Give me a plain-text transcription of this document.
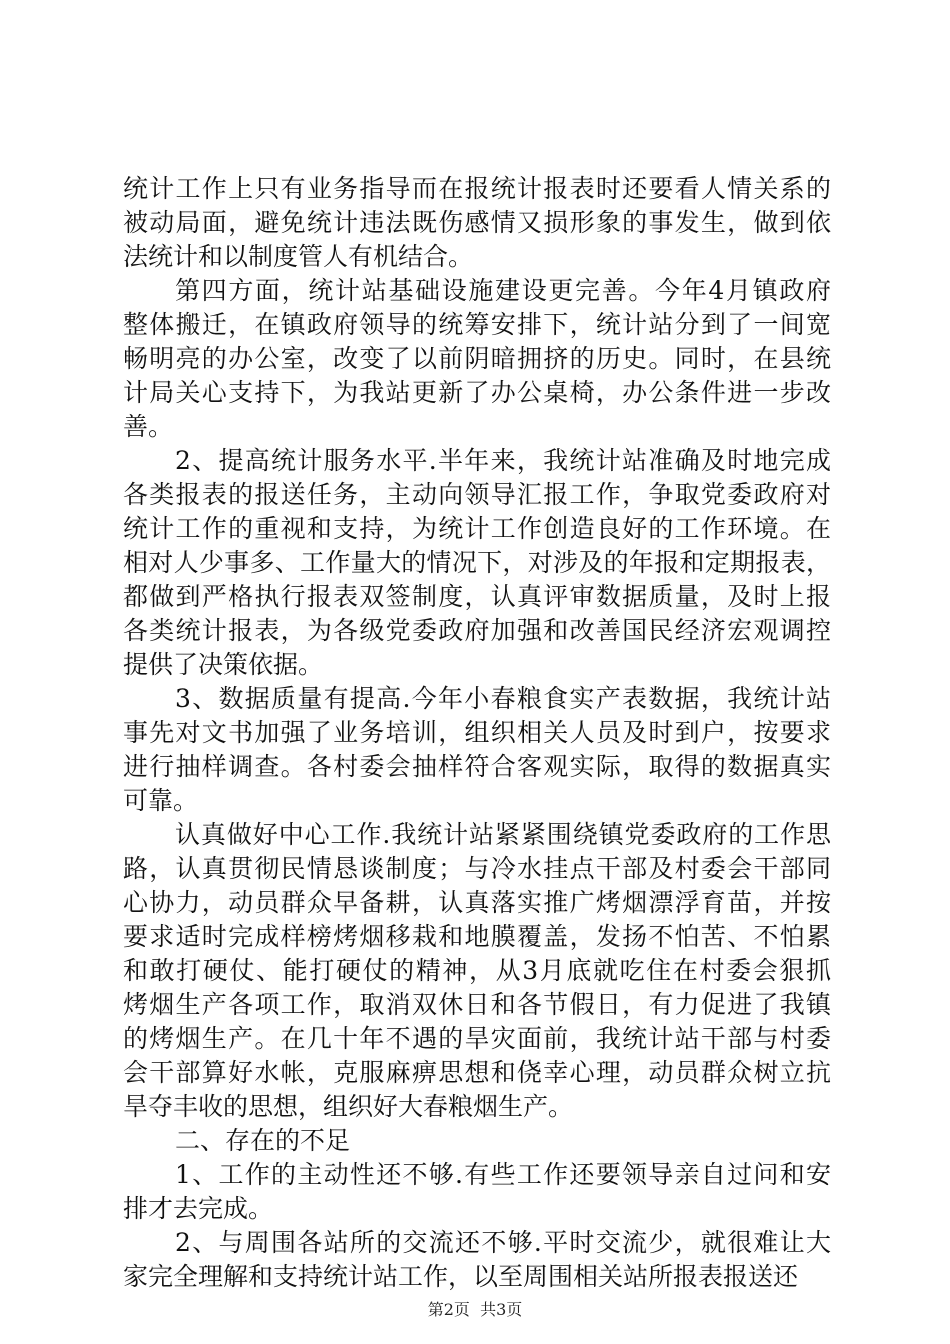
统计工作上只有业务指导而在报统计报表时还要看人情关系的
被动局面，避免统计违法既伤感情又损形象的事发生，做到依
法统计和以制度管人有机结合。
第四方面，统计站基础设施建设更完善。今年4月镇政府
整体搬迁，在镇政府领导的统筹安排下，统计站分到了一间宽
畅明亮的办公室，改变了以前阴暗拥挤的历史。同时，在县统
计局关心支持下，为我站更新了办公桌椅，办公条件进一步改
善。
2、提高统计服务水平.半年来，我统计站准确及时地完成
各类报表的报送任务，主动向领导汇报工作，争取党委政府对
统计工作的重视和支持，为统计工作创造良好的工作环境。在
相对人少事多、工作量大的情况下，对涉及的年报和定期报表，
都做到严格执行报表双签制度，认真评审数据质量，及时上报
各类统计报表，为各级党委政府加强和改善国民经济宏观调控
提供了决策依据。
3、数据质量有提高.今年小春粮食实产表数据，我统计站
事先对文书加强了业务培训，组织相关人员及时到户，按要求
进行抽样调查。各村委会抽样符合客观实际，取得的数据真实
可靠。
认真做好中心工作.我统计站紧紧围绕镇党委政府的工作思
路，认真贯彻民情恳谈制度；与冷水挂点干部及村委会干部同
心协力，动员群众早备耕，认真落实推广烤烟漂浮育苗，并按
要求适时完成样榜烤烟移栽和地膜覆盖，发扬不怕苦、不怕累
和敢打硬仗、能打硬仗的精神，从3月底就吃住在村委会狠抓
烤烟生产各项工作，取消双休日和各节假日，有力促进了我镇
的烤烟生产。在几十年不遇的旱灾面前，我统计站干部与村委
会干部算好水帐，克服麻痹思想和侥幸心理，动员群众树立抗
旱夺丰收的思想，组织好大春粮烟生产。
二、存在的不足
1、工作的主动性还不够.有些工作还要领导亲自过问和安
排才去完成。
2、与周围各站所的交流还不够.平时交流少，就很难让大
家完全理解和支持统计站工作，以至周围相关站所报表报送还
第2页  共3页
